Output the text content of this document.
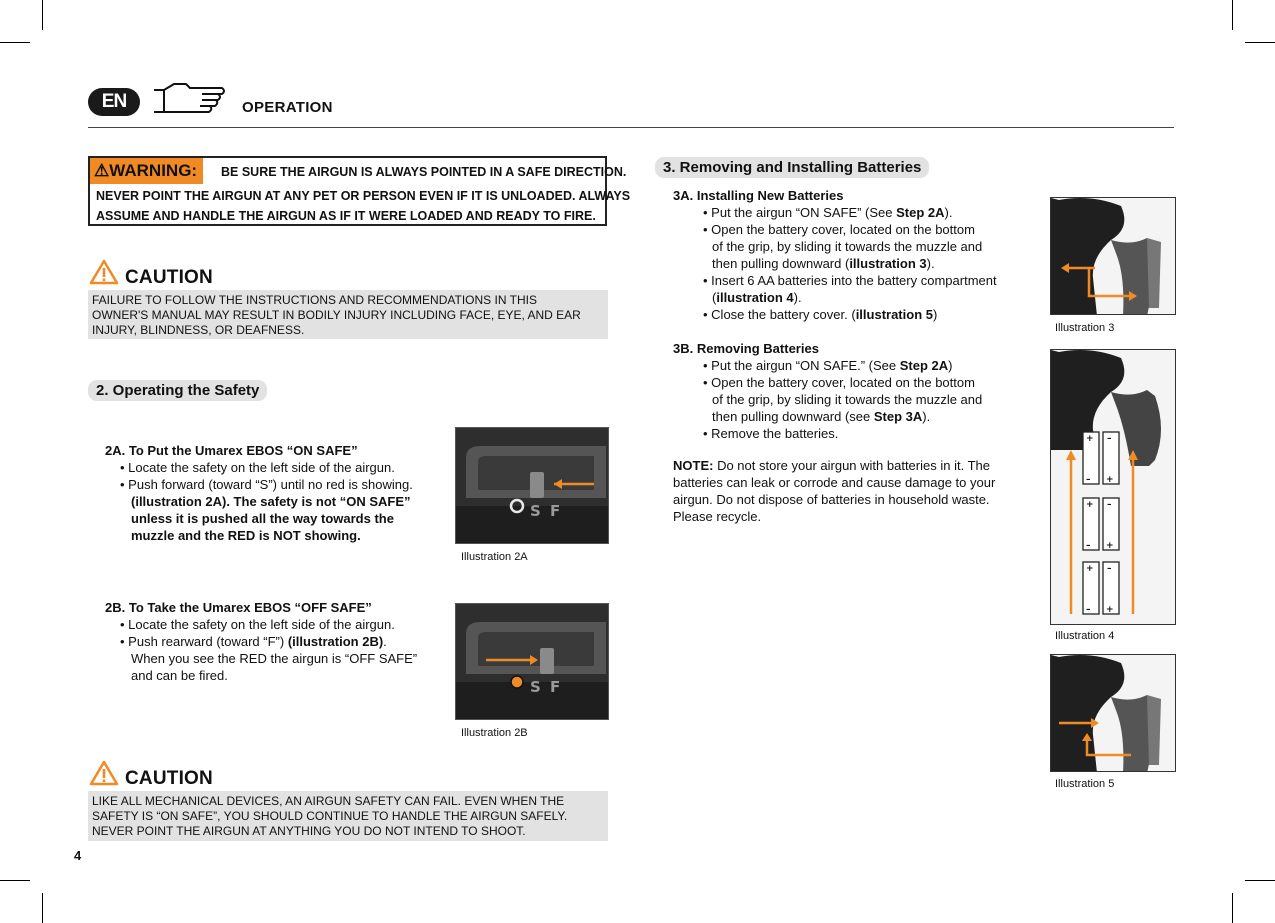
EN	OPERATION
⚠WARNING:	BE SURE THE AIRGUN IS ALWAYS POINTED IN A SAFE DIRECTION.
NEVER POINT THE AIRGUN AT ANY PET OR PERSON EVEN IF IT IS UNLOADED. ALWAYS
ASSUME AND HANDLE THE AIRGUN AS IF IT WERE LOADED AND READY TO FIRE.
CAUTION
FAILURE TO FOLLOW THE INSTRUCTIONS AND RECOMMENDATIONS IN THIS
OWNER'S MANUAL MAY RESULT IN BODILY INJURY INCLUDING FACE, EYE, AND EAR
INJURY, BLINDNESS, OR DEAFNESS.
2. Operating the Safety
2A. To Put the Umarex EBOS “ON SAFE”
• Locate the safety on the left side of the airgun.
• Push forward (toward “S”) until no red is showing.
(illustration 2A). The safety is not “ON SAFE”
unless it is pushed all the way towards the
muzzle and the RED is NOT showing.
S F
Illustration 2A
2B. To Take the Umarex EBOS “OFF SAFE”
• Locate the safety on the left side of the airgun.
• Push rearward (toward “F”) (illustration 2B).
When you see the RED the airgun is “OFF SAFE”
and can be fired.
S F
Illustration 2B
CAUTION
LIKE ALL MECHANICAL DEVICES, AN AIRGUN SAFETY CAN FAIL. EVEN WHEN THE
SAFETY IS “ON SAFE”, YOU SHOULD CONTINUE TO HANDLE THE AIRGUN SAFELY.
NEVER POINT THE AIRGUN AT ANYTHING YOU DO NOT INTEND TO SHOOT.
4
3. Removing and Installing Batteries
3A. Installing New Batteries
• Put the airgun “ON SAFE” (See Step 2A).
• Open the battery cover, located on the bottom
of the grip, by sliding it towards the muzzle and
then pulling downward (illustration 3).
• Insert 6 AA batteries into the battery compartment
(illustration 4).
• Close the battery cover. (illustration 5)
3B. Removing Batteries
• Put the airgun “ON SAFE.” (See Step 2A)
• Open the battery cover, located on the bottom
of the grip, by sliding it towards the muzzle and
then pulling downward (see Step 3A).
• Remove the batteries.
NOTE: Do not store your airgun with batteries in it. The
batteries can leak or corrode and cause damage to your
airgun. Do not dispose of batteries in household waste.
Please recycle.
Illustration 3
+
–
–
+
+
–
–
+
+
–
–
+
Illustration 4
Illustration 5
